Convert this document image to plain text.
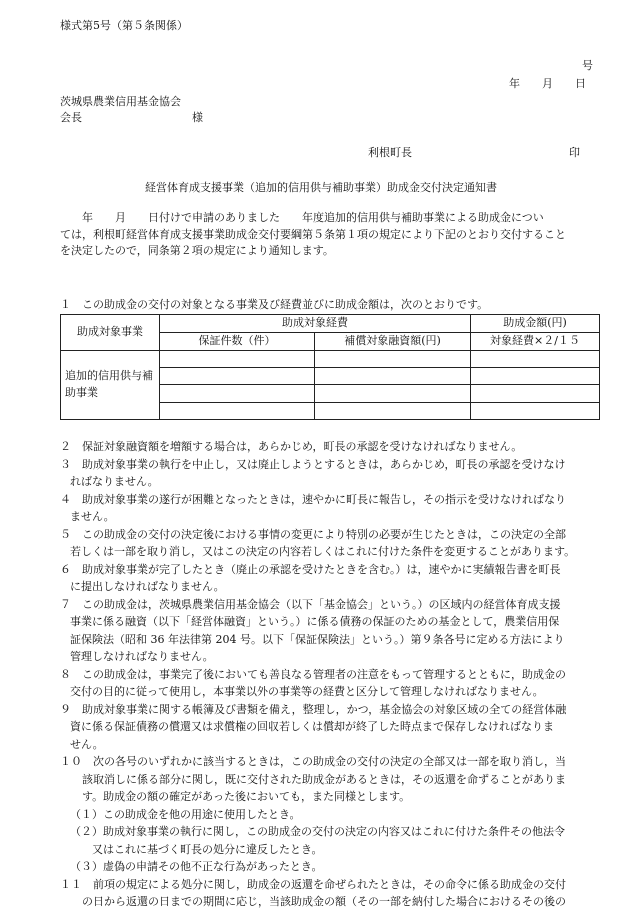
様式第5号（第５条関係）
号
年　　月　　日
茨城県農業信用基金協会
会長　　　　　　　　　　様
利根町長	印
経営体育成支援事業（追加的信用供与補助事業）助成金交付決定通知書
　　年　　月　　日付けで申請のありました　　年度追加的信用供与補助事業による助成金につい
ては，利根町経営体育成支援事業助成金交付要綱第５条第１項の規定により下記のとおり交付すること
を決定したので，同条第２項の規定により通知します。
１　この助成金の交付の対象となる事業及び経費並びに助成金額は，次のとおりです。
助成対象事業	助成対象経費		助成金額(円)
	保証件数（件）	補償対象融資額(円)	対象経費×２/１５

追加的信用供与補
助事業			

２　保証対象融資額を増額する場合は，あらかじめ，町長の承認を受けなければなりません。
３　助成対象事業の執行を中止し，又は廃止しようとするときは，あらかじめ，町長の承認を受けなけ
ればなりません。
４　助成対象事業の遂行が困難となったときは，速やかに町長に報告し，その指示を受けなければなり
ません。
５　この助成金の交付の決定後における事情の変更により特別の必要が生じたときは，この決定の全部
若しくは一部を取り消し，又はこの決定の内容若しくはこれに付けた条件を変更することがあります。
６　助成対象事業が完了したとき（廃止の承認を受けたときを含む。）は，速やかに実績報告書を町長
に提出しなければなりません。
７　この助成金は，茨城県農業信用基金協会（以下「基金協会」という。）の区域内の経営体育成支援
事業に係る融資（以下「経営体融資」という。）に係る債務の保証のための基金として，農業信用保
証保険法（昭和 36 年法律第 204 号。以下「保証保険法」という。）第９条各号に定める方法により
管理しなければなりません。
８　この助成金は，事業完了後においても善良なる管理者の注意をもって管理するとともに，助成金の
交付の目的に従って使用し，本事業以外の事業等の経費と区分して管理しなければなりません。
９　助成対象事業に関する帳簿及び書類を備え，整理し，かつ，基金協会の対象区域の全ての経営体融
資に係る保証債務の償還又は求償権の回収若しくは償却が終了した時点まで保存しなければなりま
せん。
１０　次の各号のいずれかに該当するときは，この助成金の交付の決定の全部又は一部を取り消し，当
該取消しに係る部分に関し，既に交付された助成金があるときは，その返還を命ずることがありま
す。助成金の額の確定があった後においても，また同様とします。
（１）この助成金を他の用途に使用したとき。
（２）助成対象事業の執行に関し，この助成金の交付の決定の内容又はこれに付けた条件その他法令
又はこれに基づく町長の処分に違反したとき。
（３）虚偽の申請その他不正な行為があったとき。
１１　前項の規定による処分に関し，助成金の返還を命ぜられたときは，その命令に係る助成金の交付
の日から返還の日までの期間に応じ，当該助成金の額（その一部を納付した場合におけるその後の
